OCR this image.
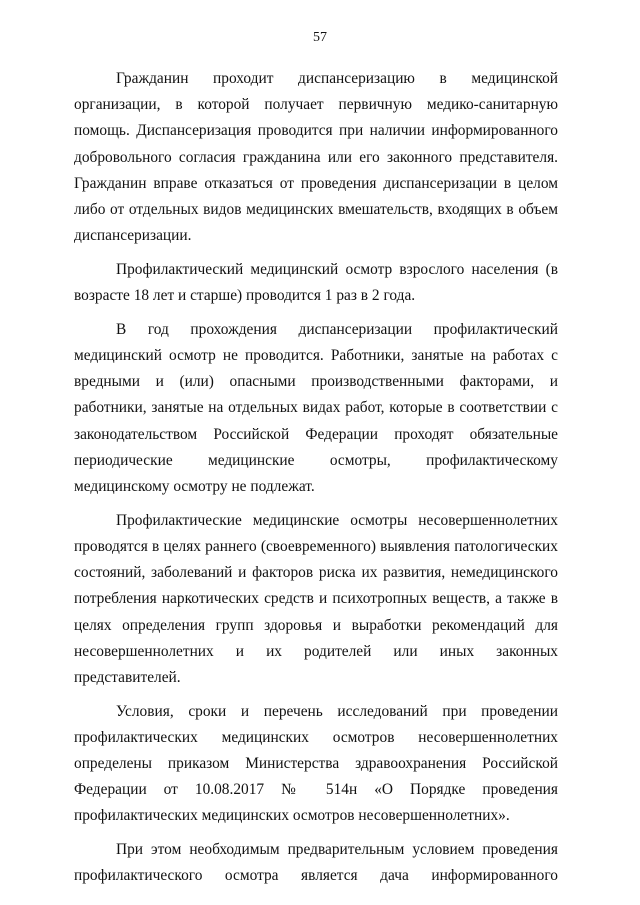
57

Гражданин проходит диспансеризацию в медицинской организации, в которой получает первичную медико-санитарную помощь. Диспансеризация проводится при наличии информированного добровольного согласия гражданина или его законного представителя. Гражданин вправе отказаться от проведения диспансеризации в целом либо от отдельных видов медицинских вмешательств, входящих в объем диспансеризации.

Профилактический медицинский осмотр взрослого населения (в возрасте 18 лет и старше) проводится 1 раз в 2 года.

В год прохождения диспансеризации профилактический медицинский осмотр не проводится. Работники, занятые на работах с вредными и (или) опасными производственными факторами, и работники, занятые на отдельных видах работ, которые в соответствии с законодательством Российской Федерации проходят обязательные периодические медицинские осмотры, профилактическому медицинскому осмотру не подлежат.

Профилактические медицинские осмотры несовершеннолетних проводятся в целях раннего (своевременного) выявления патологических состояний, заболеваний и факторов риска их развития, немедицинского потребления наркотических средств и психотропных веществ, а также в целях определения групп здоровья и выработки рекомендаций для несовершеннолетних и их родителей или иных законных представителей.

Условия, сроки и перечень исследований при проведении профилактических медицинских осмотров несовершеннолетних определены приказом Министерства здравоохранения Российской Федерации от 10.08.2017 № 514н «О Порядке проведения профилактических медицинских осмотров несовершеннолетних».

При этом необходимым предварительным условием проведения профилактического осмотра является дача информированного
